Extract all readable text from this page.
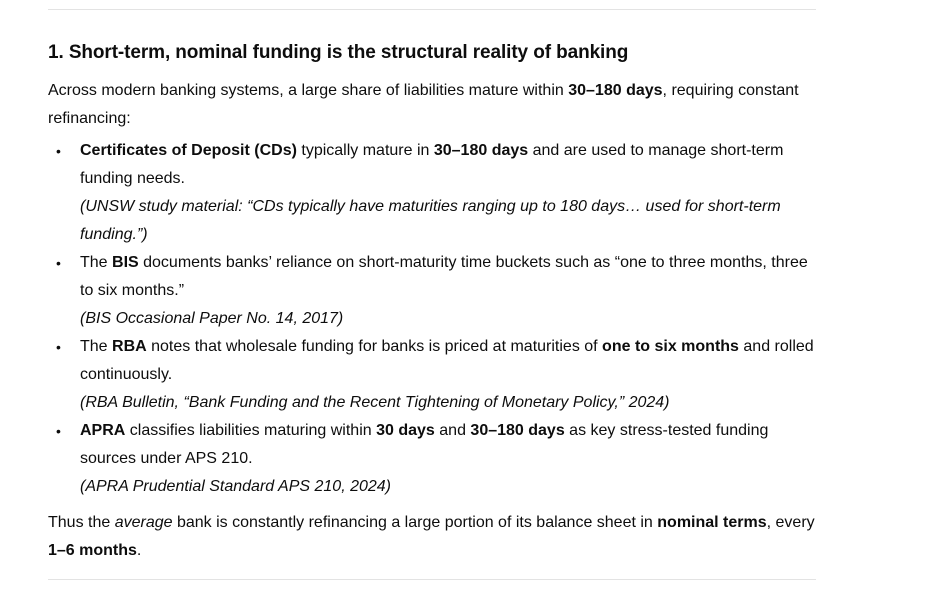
1. Short-term, nominal funding is the structural reality of banking

Across modern banking systems, a large share of liabilities mature within 30–180 days, requiring constant refinancing:

• Certificates of Deposit (CDs) typically mature in 30–180 days and are used to manage short-term funding needs.
(UNSW study material: “CDs typically have maturities ranging up to 180 days… used for short-term funding.”)
• The BIS documents banks’ reliance on short-maturity time buckets such as “one to three months, three to six months.”
(BIS Occasional Paper No. 14, 2017)
• The RBA notes that wholesale funding for banks is priced at maturities of one to six months and rolled continuously.
(RBA Bulletin, “Bank Funding and the Recent Tightening of Monetary Policy,” 2024)
• APRA classifies liabilities maturing within 30 days and 30–180 days as key stress-tested funding sources under APS 210.
(APRA Prudential Standard APS 210, 2024)

Thus the average bank is constantly refinancing a large portion of its balance sheet in nominal terms, every 1–6 months.
